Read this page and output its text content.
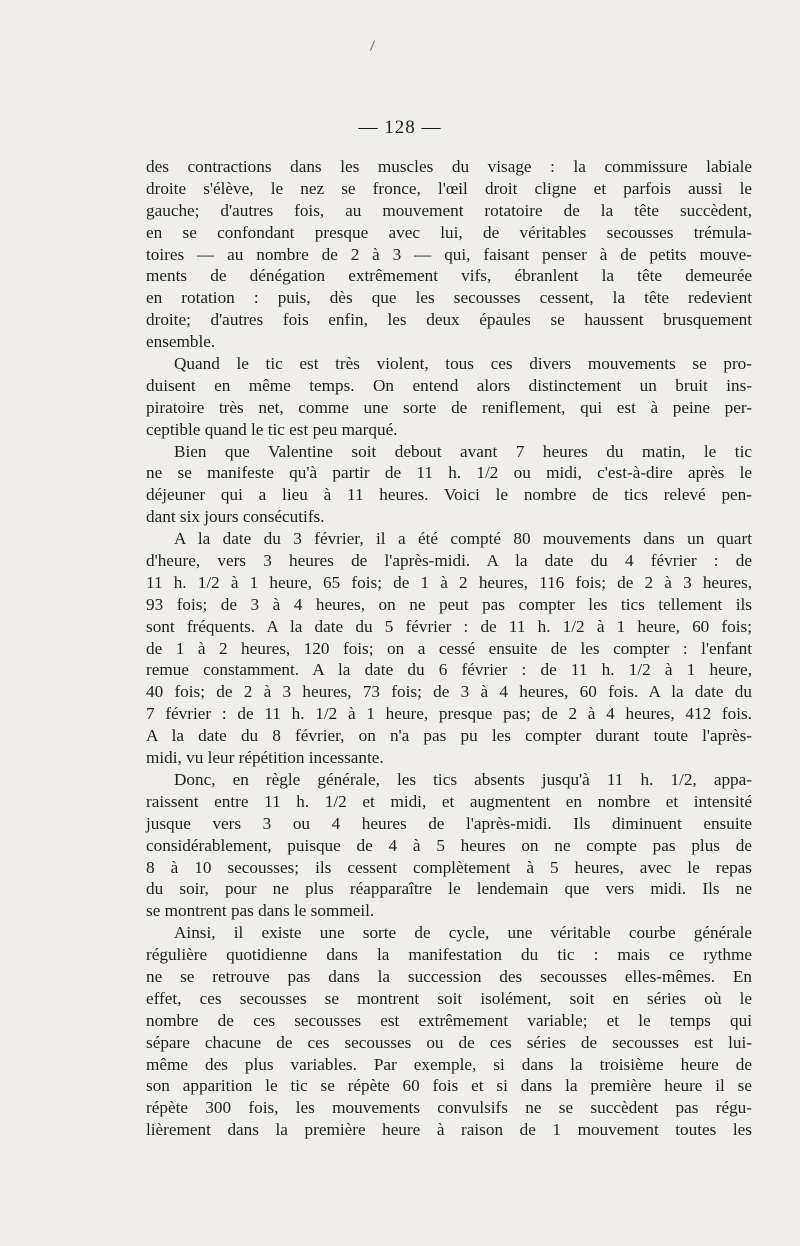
— 128 —
des contractions dans les muscles du visage : la commissure labiale
droite s'élève, le nez se fronce, l'œil droit cligne et parfois aussi le
gauche; d'autres fois, au mouvement rotatoire de la tête succèdent,
en se confondant presque avec lui, de véritables secousses trémula-
toires — au nombre de 2 à 3 — qui, faisant penser à de petits mouve-
ments de dénégation extrêmement vifs, ébranlent la tête demeurée
en rotation : puis, dès que les secousses cessent, la tête redevient
droite; d'autres fois enfin, les deux épaules se haussent brusquement
ensemble.
Quand le tic est très violent, tous ces divers mouvements se pro-
duisent en même temps. On entend alors distinctement un bruit ins-
piratoire très net, comme une sorte de reniflement, qui est à peine per-
ceptible quand le tic est peu marqué.
Bien que Valentine soit debout avant 7 heures du matin, le tic
ne se manifeste qu'à partir de 11 h. 1/2 ou midi, c'est-à-dire après le
déjeuner qui a lieu à 11 heures. Voici le nombre de tics relevé pen-
dant six jours consécutifs.
A la date du 3 février, il a été compté 80 mouvements dans un quart
d'heure, vers 3 heures de l'après-midi. A la date du 4 février : de
11 h. 1/2 à 1 heure, 65 fois; de 1 à 2 heures, 116 fois; de 2 à 3 heures,
93 fois; de 3 à 4 heures, on ne peut pas compter les tics tellement ils
sont fréquents. A la date du 5 février : de 11 h. 1/2 à 1 heure, 60 fois;
de 1 à 2 heures, 120 fois; on a cessé ensuite de les compter : l'enfant
remue constamment. A la date du 6 février : de 11 h. 1/2 à 1 heure,
40 fois; de 2 à 3 heures, 73 fois; de 3 à 4 heures, 60 fois. A la date du
7 février : de 11 h. 1/2 à 1 heure, presque pas; de 2 à 4 heures, 412 fois.
A la date du 8 février, on n'a pas pu les compter durant toute l'après-
midi, vu leur répétition incessante.
Donc, en règle générale, les tics absents jusqu'à 11 h. 1/2, appa-
raissent entre 11 h. 1/2 et midi, et augmentent en nombre et intensité
jusque vers 3 ou 4 heures de l'après-midi. Ils diminuent ensuite
considérablement, puisque de 4 à 5 heures on ne compte pas plus de
8 à 10 secousses; ils cessent complètement à 5 heures, avec le repas
du soir, pour ne plus réapparaître le lendemain que vers midi. Ils ne
se montrent pas dans le sommeil.
Ainsi, il existe une sorte de cycle, une véritable courbe générale
régulière quotidienne dans la manifestation du tic : mais ce rythme
ne se retrouve pas dans la succession des secousses elles-mêmes. En
effet, ces secousses se montrent soit isolément, soit en séries où le
nombre de ces secousses est extrêmement variable; et le temps qui
sépare chacune de ces secousses ou de ces séries de secousses est lui-
même des plus variables. Par exemple, si dans la troisième heure de
son apparition le tic se répète 60 fois et si dans la première heure il se
répète 300 fois, les mouvements convulsifs ne se succèdent pas régu-
lièrement dans la première heure à raison de 1 mouvement toutes les
